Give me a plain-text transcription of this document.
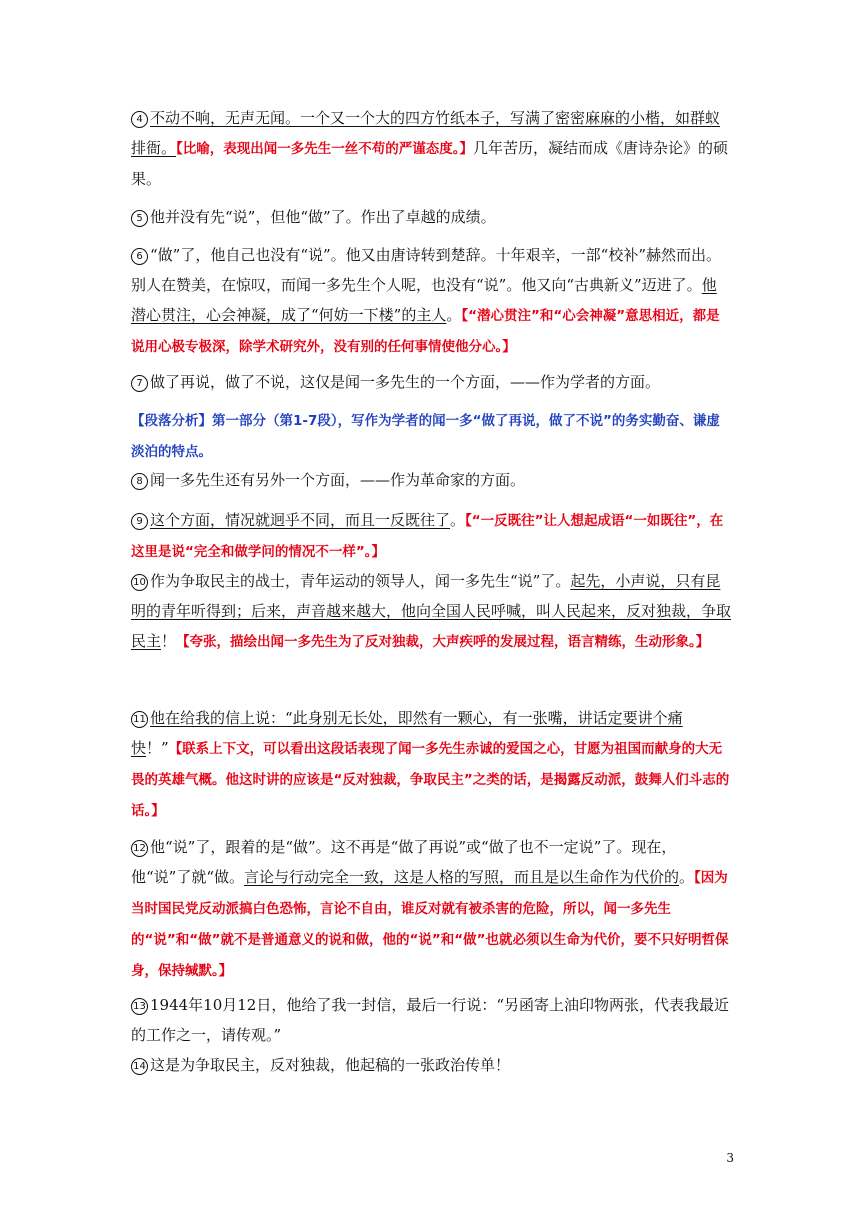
4 不动不响，无声无闻。一个又一个大的四方竹纸本子，写满了密密麻麻的小楷，如群蚁排衙。【比喻，表现出闻一多先生一丝不苟的严谨态度。】几年苦历，凝结而成《唐诗杂论》的硕果。

5 他并没有先“说”，但他“做”了。作出了卓越的成绩。

6 “做”了，他自己也没有“说”。他又由唐诗转到楚辞。十年艰辛，一部“校补”赫然而出。别人在赞美，在惊叹，而闻一多先生个人呢，也没有“说”。他又向“古典新义”迈进了。他潜心贯注，心会神凝，成了“何妨一下楼”的主人。【“潜心贯注”和“心会神凝”意思相近，都是说用心极专极深，除学术研究外，没有别的任何事情使他分心。】

7 做了再说，做了不说，这仅是闻一多先生的一个方面，——作为学者的方面。

【段落分析】第一部分（第1-7段），写作为学者的闻一多“做了再说，做了不说”的务实勤奋、谦虚淡泊的特点。

8 闻一多先生还有另外一个方面，——作为革命家的方面。

9 这个方面，情况就迥乎不同，而且一反既往了。【“一反既往”让人想起成语“一如既往”，在这里是说“完全和做学问的情况不一样”。】

10 作为争取民主的战士，青年运动的领导人，闻一多先生“说”了。起先，小声说，只有昆明的青年听得到；后来，声音越来越大，他向全国人民呼喊，叫人民起来，反对独裁，争取民主！【夸张，描绘出闻一多先生为了反对独裁，大声疾呼的发展过程，语言精练，生动形象。】

11 他在给我的信上说：“此身别无长处，即然有一颗心，有一张嘴，讲话定要讲个痛快！”【联系上下文，可以看出这段话表现了闻一多先生赤诚的爱国之心，甘愿为祖国而献身的大无畏的英雄气概。他这时讲的应该是“反对独裁，争取民主”之类的话，是揭露反动派，鼓舞人们斗志的话。】

12 他“说”了，跟着的是“做”。这不再是“做了再说”或“做了也不一定说”了。现在，他“说”了就“做。言论与行动完全一致，这是人格的写照，而且是以生命作为代价的。【因为当时国民党反动派搞白色恐怖，言论不自由，谁反对就有被杀害的危险，所以，闻一多先生的“说”和“做”就不是普通意义的说和做，他的“说”和“做”也就必须以生命为代价，要不只好明哲保身，保持缄默。】

13 1944年10月12日，他给了我一封信，最后一行说：“另函寄上油印物两张，代表我最近的工作之一，请传观。”

14 这是为争取民主，反对独裁，他起稿的一张政治传单！

3
